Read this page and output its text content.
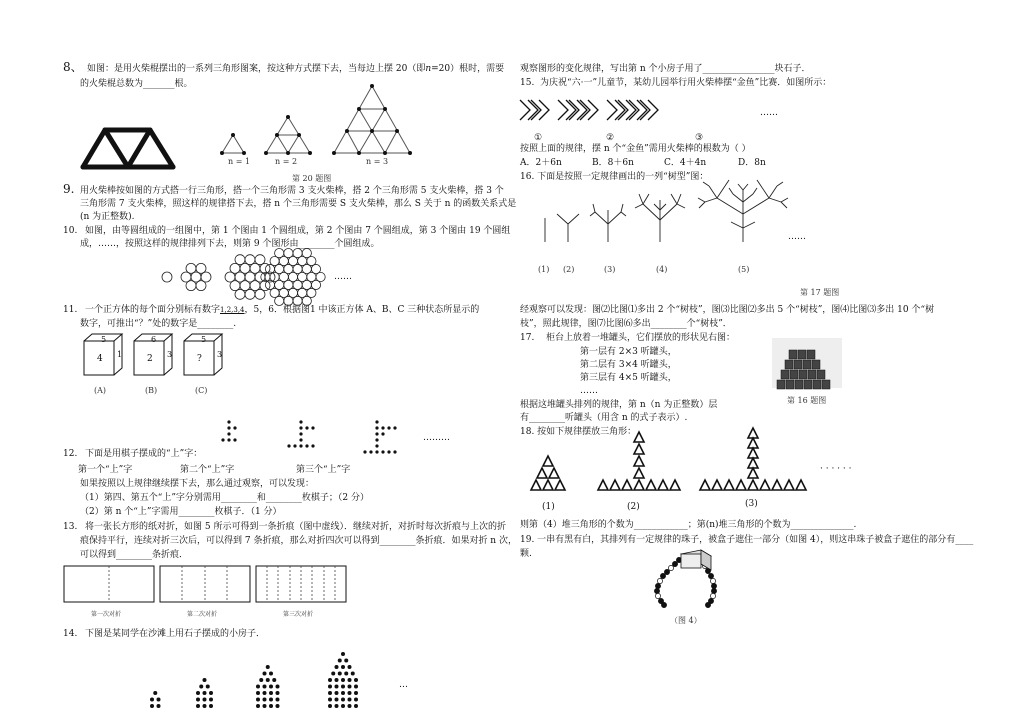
8、 如图：是用火柴棍摆出的一系列三角形图案，按这种方式摆下去，当每边上摆 20（即n=20）根时，需要
的火柴棍总数为_______根。
n = 1	n = 2	n = 3
第 20 题图
9. 用火柴棒按如图的方式搭一行三角形，搭一个三角形需 3 支火柴棒，搭 2 个三角形需 5 支火柴棒，搭 3 个
三角形需 7 支火柴棒，照这样的规律搭下去，搭 n 个三角形需要 S 支火柴棒，那么 S 关于 n 的函数关系式是
(n 为正整数).
10. 如图，由等圆组成的一组图中，第 1 个图由 1 个圆组成，第 2 个图由 7 个圆组成，第 3 个图由 19 个圆组
成，……，按照这样的规律排列下去，则第 9 个图形由________个圆组成。
……
11. 一个正方体的每个面分别标有数字1,2,3,4，5，6．根据图1 中该正方体 A、B、C 三种状态所显示的
数字，可推出“？”处的数字是________.
5
4 1
6
2 3
5
? 3
(A)	(B)	(C)
12. 下面是用棋子摆成的“上”字：
………
第一个“上”字	第二个“上”字	第三个“上”字
如果按照以上规律继续摆下去，那么通过观察，可以发现：
（1）第四、第五个“上”字分别需用________和________枚棋子；（2 分）
（2）第 n 个“上”字需用________枚棋子．（1 分）
13. 将一张长方形的纸对折，如图 5 所示可得到一条折痕（图中虚线）．继续对折，对折时每次折痕与上次的折
痕保持平行，连续对折三次后，可以得到 7 条折痕，那么对折四次可以得到________条折痕．如果对折 n 次，
可以得到________条折痕．
第一次对折	第二次对折	第三次对折
14. 下图是某同学在沙滩上用石子摆成的小房子．
…
观察图形的变化规律，写出第 n 个小房子用了________________块石子．
15. 为庆祝“六·一”儿童节，某幼儿园举行用火柴棒摆“金鱼”比赛．如图所示：
……
①	②	③
按照上面的规律，摆 n 个“金鱼”需用火柴棒的根数为（ ）
A．2＋6n	B．8＋6n	C．4＋4n	D．8n
16. 下面是按照一定规律画出的一列“树型”图：
……
(1) (2)	(3)	(4)	(5)
第 17 题图
经观察可以发现：图⑵比图⑴多出 2 个“树枝”，图⑶比图⑵多出 5 个“树枝”，图⑷比图⑶多出 10 个“树
枝”，照此规律，图⑺比图⑹多出________个“树枝”．
17. 柜台上放着一堆罐头，它们摆放的形状见右图：
第一层有 2×3 听罐头，
第二层有 3×4 听罐头，
第三层有 4×5 听罐头，
……
第 16 题图
根据这堆罐头排列的规律，第 n（n 为正整数）层
有________听罐头（用含 n 的式子表示）.
18. 按如下规律摆放三角形：
· · · · · ·
(1)	(2)	(3)
则第（4）堆三角形的个数为____________；第(n)堆三角形的个数为______________.
19. 一串有黑有白，其排列有一定规律的珠子，被盒子遮住一部分（如图 4），则这串珠子被盒子遮住的部分有____
颗.
（图 4）
